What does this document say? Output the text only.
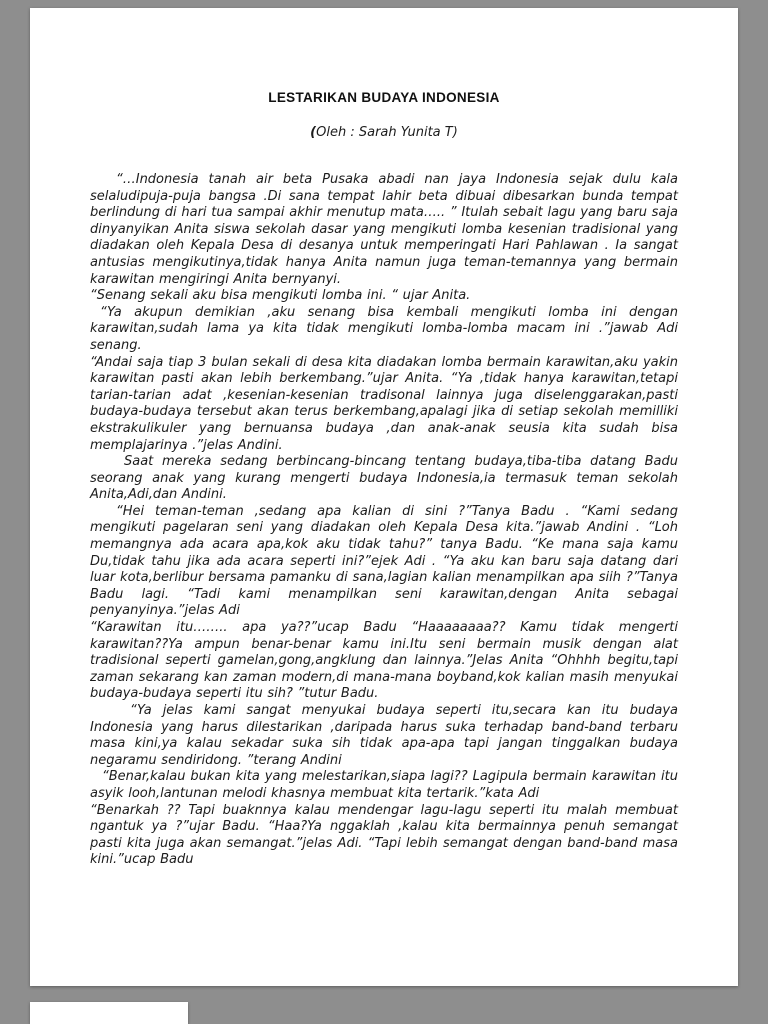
LESTARIKAN BUDAYA INDONESIA
(Oleh : Sarah Yunita T)

“…Indonesia tanah air beta Pusaka abadi nan jaya Indonesia sejak dulu kala selaludipuja-puja bangsa .Di sana tempat lahir beta dibuai dibesarkan bunda tempat berlindung di hari tua sampai akhir menutup mata….. ” Itulah sebait lagu yang baru saja dinyanyikan Anita siswa sekolah dasar yang mengikuti lomba kesenian tradisional yang diadakan oleh Kepala Desa di desanya untuk memperingati Hari Pahlawan . Ia sangat antusias mengikutinya,tidak hanya Anita namun juga teman-temannya yang bermain karawitan mengiringi Anita bernyanyi.

“Senang sekali aku bisa mengikuti lomba ini. “ ujar Anita.

“Ya akupun demikian ,aku senang bisa kembali mengikuti lomba ini dengan karawitan,sudah lama ya kita tidak mengikuti lomba-lomba macam ini .”jawab Adi senang.

“Andai saja tiap 3 bulan sekali di desa kita diadakan lomba bermain karawitan,aku yakin karawitan pasti akan lebih berkembang.”ujar Anita. “Ya ,tidak hanya karawitan,tetapi tarian-tarian adat ,kesenian-kesenian tradisonal lainnya juga diselenggarakan,pasti budaya-budaya tersebut akan terus berkembang,apalagi jika di setiap sekolah memilliki ekstrakulikuler yang bernuansa budaya ,dan anak-anak seusia kita sudah bisa memplajarinya .”jelas Andini.

Saat mereka sedang berbincang-bincang tentang budaya,tiba-tiba datang Badu seorang anak yang kurang mengerti budaya Indonesia,ia termasuk teman sekolah Anita,Adi,dan Andini.

“Hei teman-teman ,sedang apa kalian di sini ?”Tanya Badu . “Kami sedang mengikuti pagelaran seni yang diadakan oleh Kepala Desa kita.”jawab Andini . “Loh memangnya ada acara apa,kok aku tidak tahu?” tanya Badu. “Ke mana saja kamu Du,tidak tahu jika ada acara seperti ini?”ejek Adi . “Ya aku kan baru saja datang dari luar kota,berlibur bersama pamanku di sana,lagian kalian menampilkan apa siih ?”Tanya Badu lagi. “Tadi kami menampilkan seni karawitan,dengan Anita sebagai penyanyinya.”jelas Adi

“Karawitan itu…….. apa ya??”ucap Badu “Haaaaaaaa?? Kamu tidak mengerti karawitan??Ya ampun benar-benar kamu ini.Itu seni bermain musik dengan alat tradisional seperti gamelan,gong,angklung dan lainnya.”Jelas Anita “Ohhhh begitu,tapi zaman sekarang kan zaman modern,di mana-mana boyband,kok kalian masih menyukai budaya-budaya seperti itu sih? ”tutur Badu.

“Ya jelas kami sangat menyukai budaya seperti itu,secara kan itu budaya Indonesia yang harus dilestarikan ,daripada harus suka terhadap band-band terbaru masa kini,ya kalau sekadar suka sih tidak apa-apa tapi jangan tinggalkan budaya negaramu sendiridong. ”terang Andini

“Benar,kalau bukan kita yang melestarikan,siapa lagi?? Lagipula bermain karawitan itu asyik looh,lantunan melodi khasnya membuat kita tertarik.”kata Adi

“Benarkah ?? Tapi buaknnya kalau mendengar lagu-lagu seperti itu malah membuat ngantuk ya ?”ujar Badu. “Haa?Ya nggaklah ,kalau kita bermainnya penuh semangat pasti kita juga akan semangat.”jelas Adi. “Tapi lebih semangat dengan band-band masa kini.”ucap Badu
